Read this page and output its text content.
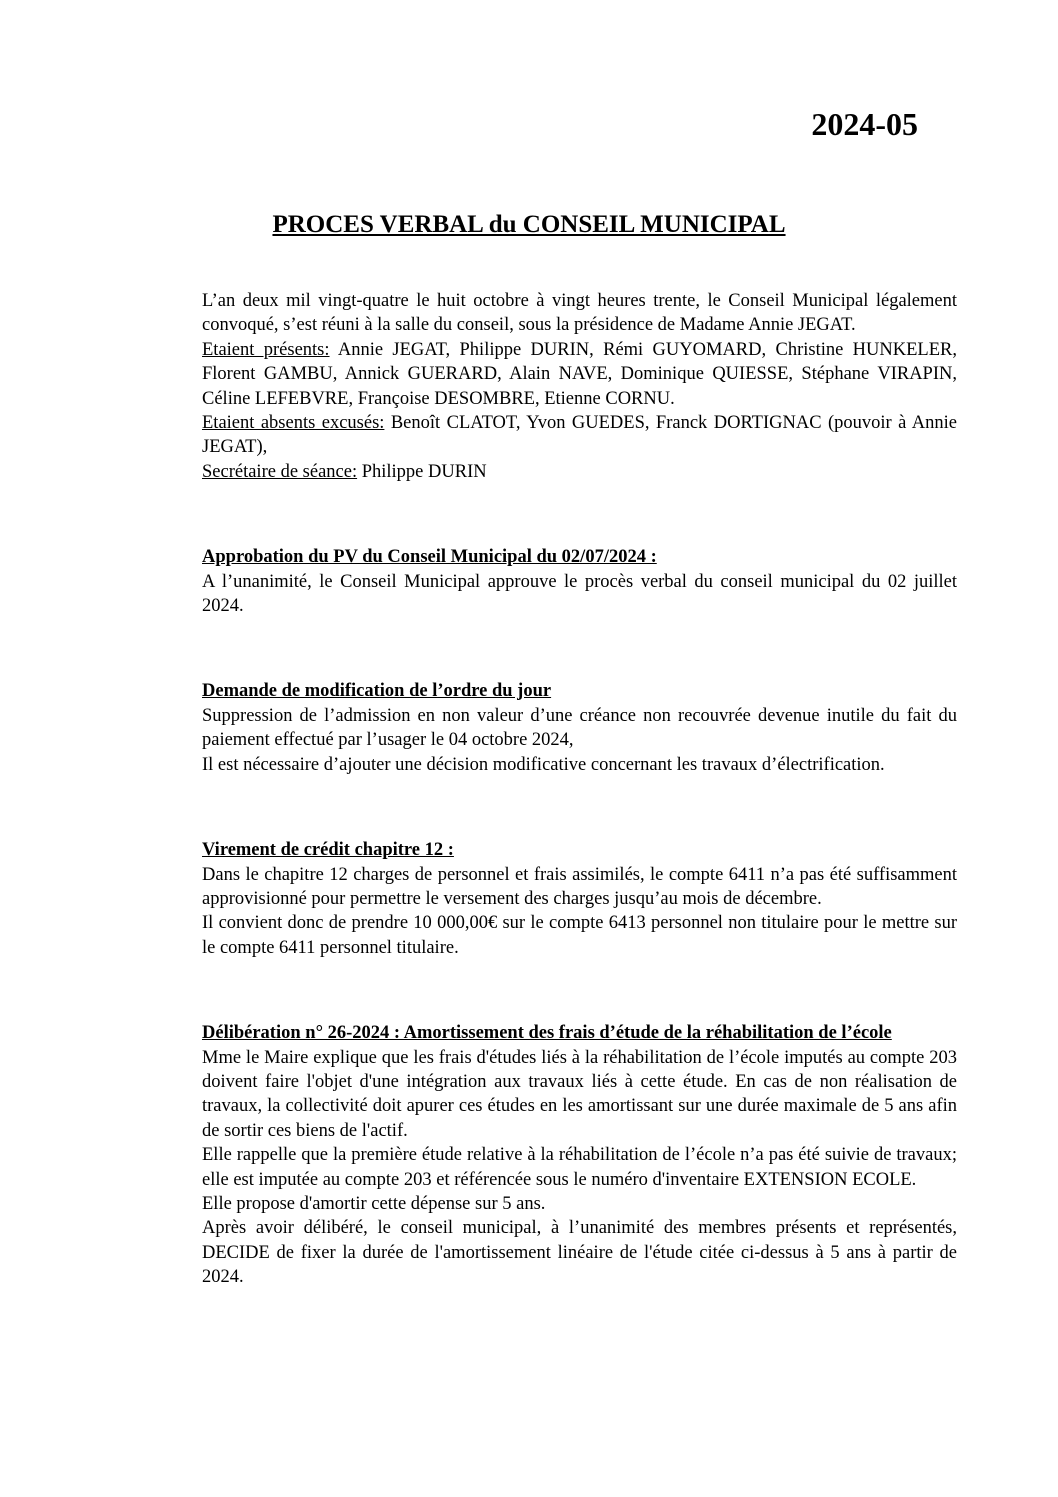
2024-05
PROCES VERBAL du CONSEIL MUNICIPAL

L’an deux mil vingt-quatre le huit octobre à vingt heures trente, le Conseil Municipal légalement convoqué, s’est réuni à la salle du conseil, sous la présidence de Madame Annie JEGAT.

Etaient présents: Annie JEGAT, Philippe DURIN, Rémi GUYOMARD, Christine HUNKELER, Florent GAMBU, Annick GUERARD, Alain NAVE, Dominique QUIESSE, Stéphane VIRAPIN, Céline LEFEBVRE, Françoise DESOMBRE, Etienne CORNU.

Etaient absents excusés: Benoît CLATOT, Yvon GUEDES, Franck DORTIGNAC (pouvoir à Annie JEGAT),

Secrétaire de séance: Philippe DURIN

Approbation du PV du Conseil Municipal du 02/07/2024 :

A l’unanimité, le Conseil Municipal approuve le procès verbal du conseil municipal du 02 juillet 2024.

Demande de modification de l’ordre du jour

Suppression de l’admission en non valeur d’une créance non recouvrée devenue inutile du fait du paiement effectué par l’usager le 04 octobre 2024,

Il est nécessaire d’ajouter une décision modificative concernant les travaux d’électrification.

Virement de crédit chapitre 12 :

Dans le chapitre 12 charges de personnel et frais assimilés, le compte 6411 n’a pas été suffisamment approvisionné pour permettre le versement des charges jusqu’au mois de décembre.

Il convient donc de prendre 10 000,00€ sur le compte 6413 personnel non titulaire pour le mettre sur le compte 6411 personnel titulaire.

Délibération n° 26-2024 : Amortissement des frais d’étude de la réhabilitation de l’école

Mme le Maire explique que les frais d'études liés à la réhabilitation de l’école imputés au compte 203 doivent faire l'objet d'une intégration aux travaux liés à cette étude. En cas de non réalisation de travaux, la collectivité doit apurer ces études en les amortissant sur une durée maximale de 5 ans afin de sortir ces biens de l'actif.

Elle rappelle que la première étude relative à la réhabilitation de l’école n’a pas été suivie de travaux; elle est imputée au compte 203 et référencée sous le numéro d'inventaire EXTENSION ECOLE.

Elle propose d'amortir cette dépense sur 5 ans.

Après avoir délibéré, le conseil municipal, à l’unanimité des membres présents et représentés, DECIDE de fixer la durée de l'amortissement linéaire de l'étude citée ci-dessus à 5 ans à partir de 2024.
